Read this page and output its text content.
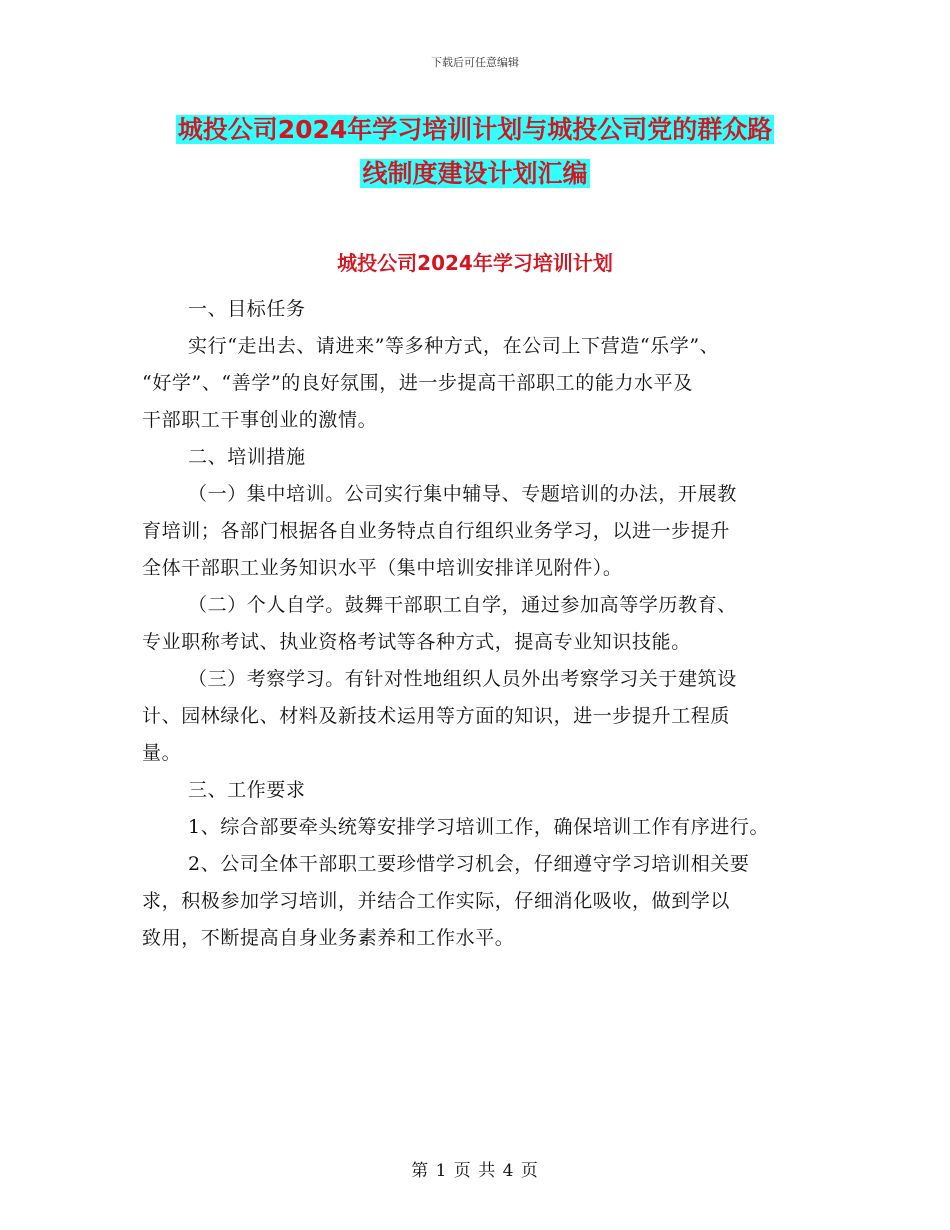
下载后可任意编辑
城投公司2024年学习培训计划与城投公司党的群众路
线制度建设计划汇编
城投公司2024年学习培训计划
一、目标任务
实行“走出去、请进来”等多种方式，在公司上下营造“乐学”、
“好学”、“善学”的良好氛围，进一步提高干部职工的能力水平及
干部职工干事创业的激情。
二、培训措施
（一）集中培训。公司实行集中辅导、专题培训的办法，开展教
育培训；各部门根据各自业务特点自行组织业务学习，以进一步提升
全体干部职工业务知识水平（集中培训安排详见附件）。
（二）个人自学。鼓舞干部职工自学，通过参加高等学历教育、
专业职称考试、执业资格考试等各种方式，提高专业知识技能。
（三）考察学习。有针对性地组织人员外出考察学习关于建筑设
计、园林绿化、材料及新技术运用等方面的知识，进一步提升工程质
量。
三、工作要求
1、综合部要牵头统筹安排学习培训工作，确保培训工作有序进行。
2、公司全体干部职工要珍惜学习机会，仔细遵守学习培训相关要
求，积极参加学习培训，并结合工作实际，仔细消化吸收，做到学以
致用，不断提高自身业务素养和工作水平。
第 1 页 共 4 页
